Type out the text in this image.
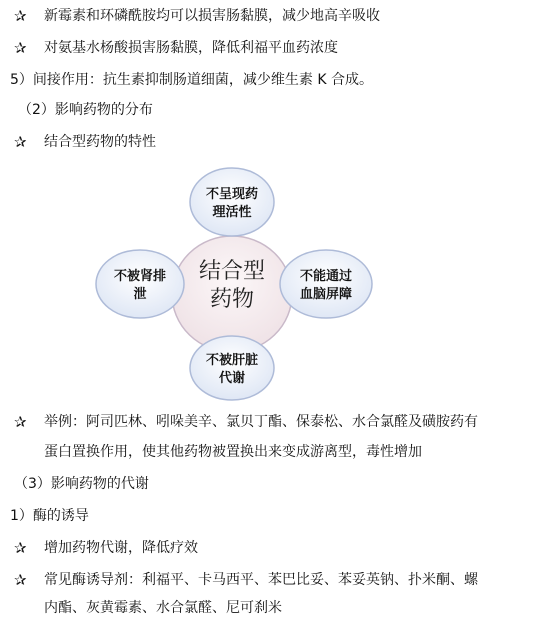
✰ 新霉素和环磷酰胺均可以损害肠黏膜，减少地高辛吸收
✰ 对氨基水杨酸损害肠黏膜，降低利福平血药浓度
5）间接作用：抗生素抑制肠道细菌，减少维生素 K 合成。
（2）影响药物的分布
✰ 结合型药物的特性
结合型
药物
不呈现药
理活性
不被肾排
泄
不能通过
血脑屏障
不被肝脏
代谢
✰ 举例：阿司匹林、吲哚美辛、氯贝丁酯、保泰松、水合氯醛及磺胺药有
蛋白置换作用，使其他药物被置换出来变成游离型，毒性增加
（3）影响药物的代谢
1）酶的诱导
✰ 增加药物代谢，降低疗效
✰ 常见酶诱导剂：利福平、卡马西平、苯巴比妥、苯妥英钠、扑米酮、螺
内酯、灰黄霉素、水合氯醛、尼可刹米
